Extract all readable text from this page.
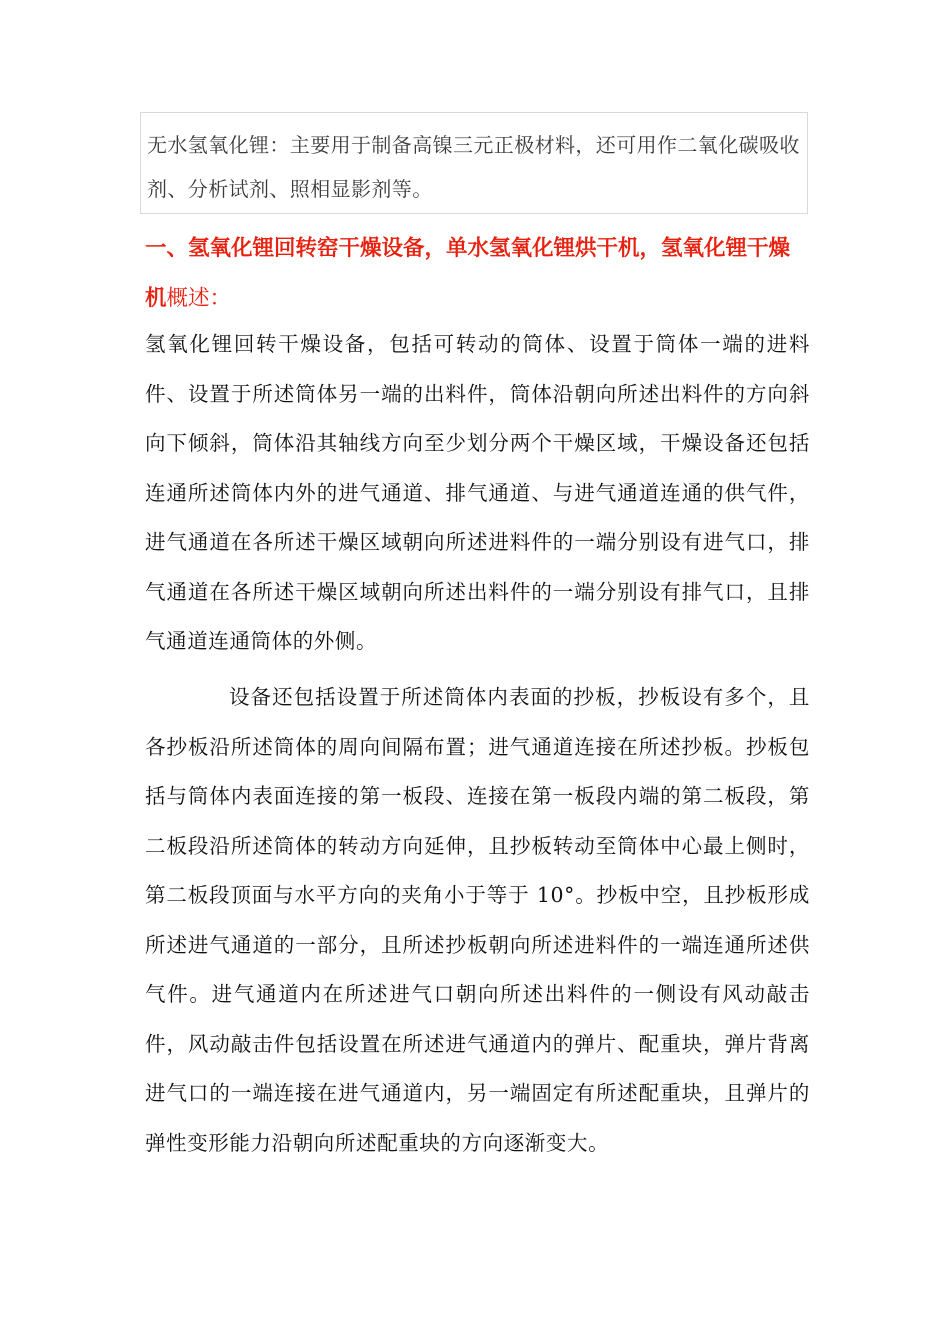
无水氢氧化锂：主要用于制备高镍三元正极材料，还可用作二氧化碳吸收剂、分析试剂、照相显影剂等。

一、氢氧化锂回转窑干燥设备，单水氢氧化锂烘干机，氢氧化锂干燥机概述：

氢氧化锂回转干燥设备，包括可转动的筒体、设置于筒体一端的进料件、设置于所述筒体另一端的出料件，筒体沿朝向所述出料件的方向斜向下倾斜，筒体沿其轴线方向至少划分两个干燥区域，干燥设备还包括连通所述筒体内外的进气通道、排气通道、与进气通道连通的供气件，进气通道在各所述干燥区域朝向所述进料件的一端分别设有进气口，排气通道在各所述干燥区域朝向所述出料件的一端分别设有排气口，且排气通道连通筒体的外侧。

设备还包括设置于所述筒体内表面的抄板，抄板设有多个，且各抄板沿所述筒体的周向间隔布置；进气通道连接在所述抄板。抄板包括与筒体内表面连接的第一板段、连接在第一板段内端的第二板段，第二板段沿所述筒体的转动方向延伸，且抄板转动至筒体中心最上侧时，第二板段顶面与水平方向的夹角小于等于 10°。抄板中空，且抄板形成所述进气通道的一部分，且所述抄板朝向所述进料件的一端连通所述供气件。进气通道内在所述进气口朝向所述出料件的一侧设有风动敲击件，风动敲击件包括设置在所述进气通道内的弹片、配重块，弹片背离进气口的一端连接在进气通道内，另一端固定有所述配重块，且弹片的弹性变形能力沿朝向所述配重块的方向逐渐变大。
